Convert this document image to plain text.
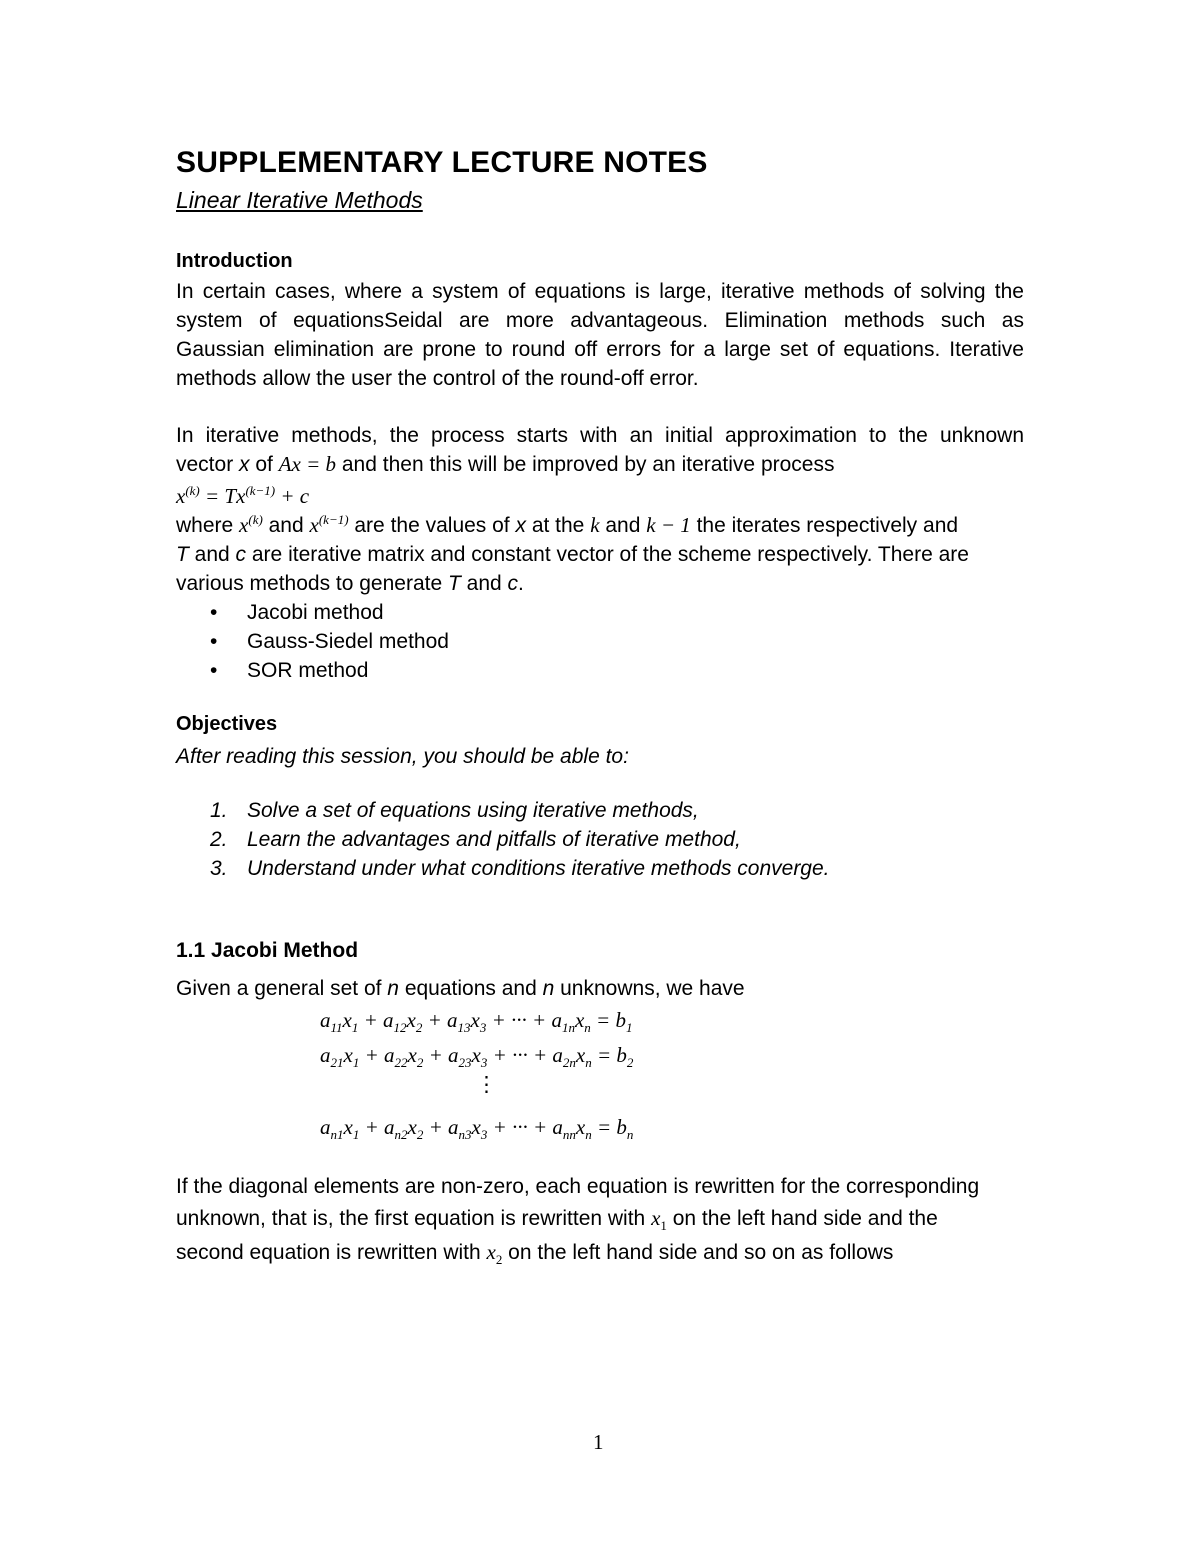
SUPPLEMENTARY LECTURE NOTES
Linear Iterative Methods
Introduction
In certain cases, where a system of equations is large, iterative methods of solving the
system of equationsSeidal are more advantageous. Elimination methods such as
Gaussian elimination are prone to round off errors for a large set of equations. Iterative
methods allow the user the control of the round-off error.
In iterative methods, the process starts with an initial approximation to the unknown
vector x of Ax = b and then this will be improved by an iterative process
$x^{(k)} = Tx^{(k-1)} + c$
where $x^{(k)}$ and $x^{(k-1)}$ are the values of x at the k and k − 1 the iterates respectively and
T and c are iterative matrix and constant vector of the scheme respectively. There are
various methods to generate T and c.
• Jacobi method
• Gauss-Siedel method
• SOR method
Objectives
After reading this session, you should be able to:
1. Solve a set of equations using iterative methods,
2. Learn the advantages and pitfalls of iterative method,
3. Understand under what conditions iterative methods converge.
1.1 Jacobi Method
Given a general set of n equations and n unknowns, we have
$a_{11}x_1 + a_{12}x_2 + a_{13}x_3$ + ··· + $a_{1n}x_n = b_1$
$a_{21}x_1 + a_{22}x_2 + a_{23}x_3$ + ··· + $a_{2n}x_n = b_2$
⋮
$a_{n1}x_1 + a_{n2}x_2 + a_{n3}x_3$ + ··· + $a_{nn}x_n = b_n$
If the diagonal elements are non-zero, each equation is rewritten for the corresponding
unknown, that is, the first equation is rewritten with $x_1$ on the left hand side and the
second equation is rewritten with $x_2$ on the left hand side and so on as follows
1
